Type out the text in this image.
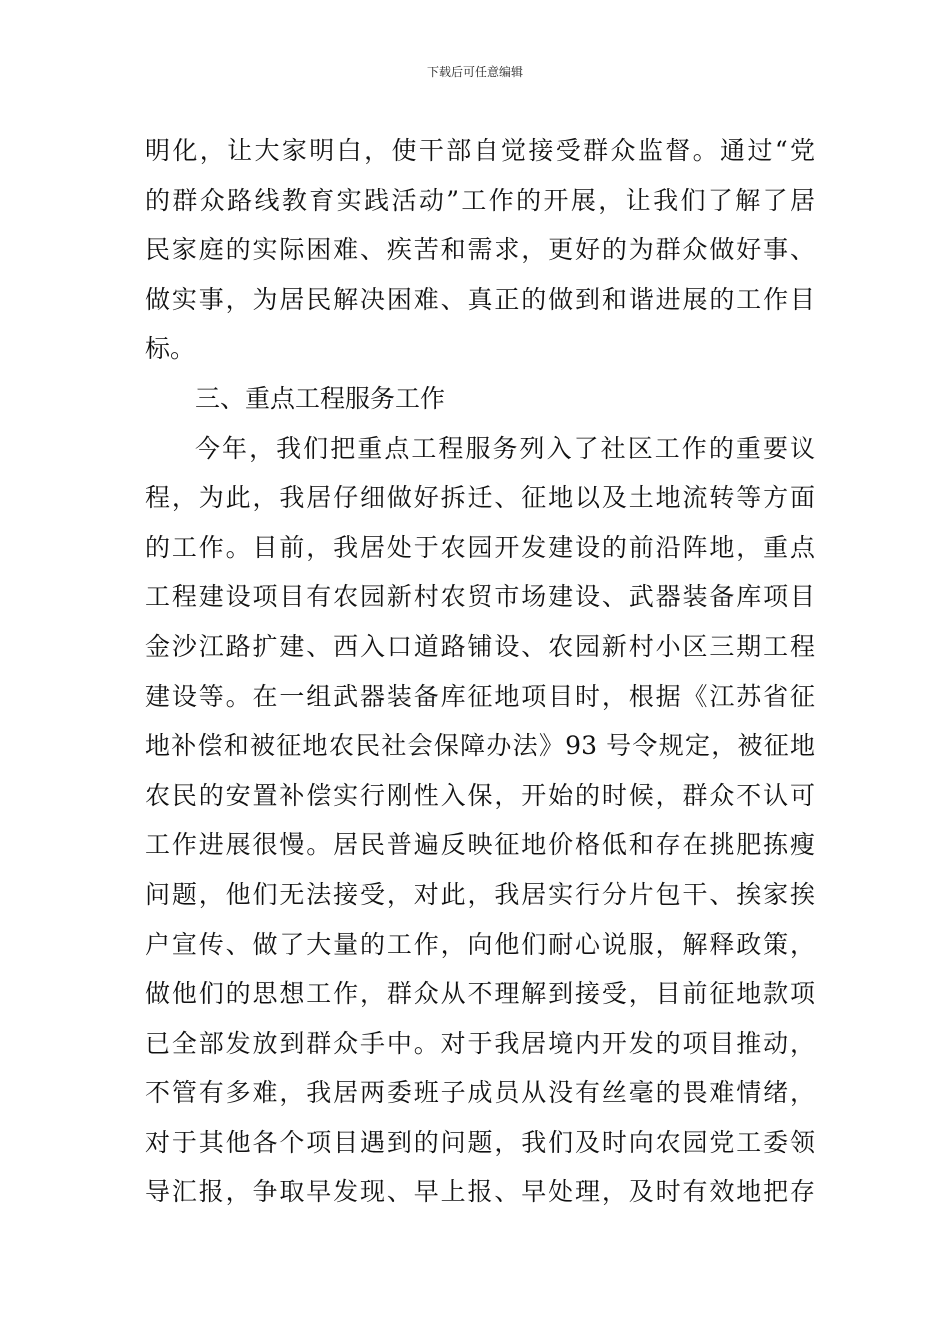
下载后可任意编辑
明化，让大家明白，使干部自觉接受群众监督。通过“党
的群众路线教育实践活动”工作的开展，让我们了解了居
民家庭的实际困难、疾苦和需求，更好的为群众做好事、
做实事，为居民解决困难、真正的做到和谐进展的工作目
标。
三、重点工程服务工作
今年，我们把重点工程服务列入了社区工作的重要议
程，为此，我居仔细做好拆迁、征地以及土地流转等方面
的工作。目前，我居处于农园开发建设的前沿阵地，重点
工程建设项目有农园新村农贸市场建设、武器装备库项目
金沙江路扩建、西入口道路铺设、农园新村小区三期工程
建设等。在一组武器装备库征地项目时，根据《江苏省征
地补偿和被征地农民社会保障办法》93 号令规定，被征地
农民的安置补偿实行刚性入保，开始的时候，群众不认可
工作进展很慢。居民普遍反映征地价格低和存在挑肥拣瘦
问题，他们无法接受，对此，我居实行分片包干、挨家挨
户宣传、做了大量的工作，向他们耐心说服，解释政策，
做他们的思想工作，群众从不理解到接受，目前征地款项
已全部发放到群众手中。对于我居境内开发的项目推动，
不管有多难，我居两委班子成员从没有丝毫的畏难情绪，
对于其他各个项目遇到的问题，我们及时向农园党工委领
导汇报，争取早发现、早上报、早处理，及时有效地把存
